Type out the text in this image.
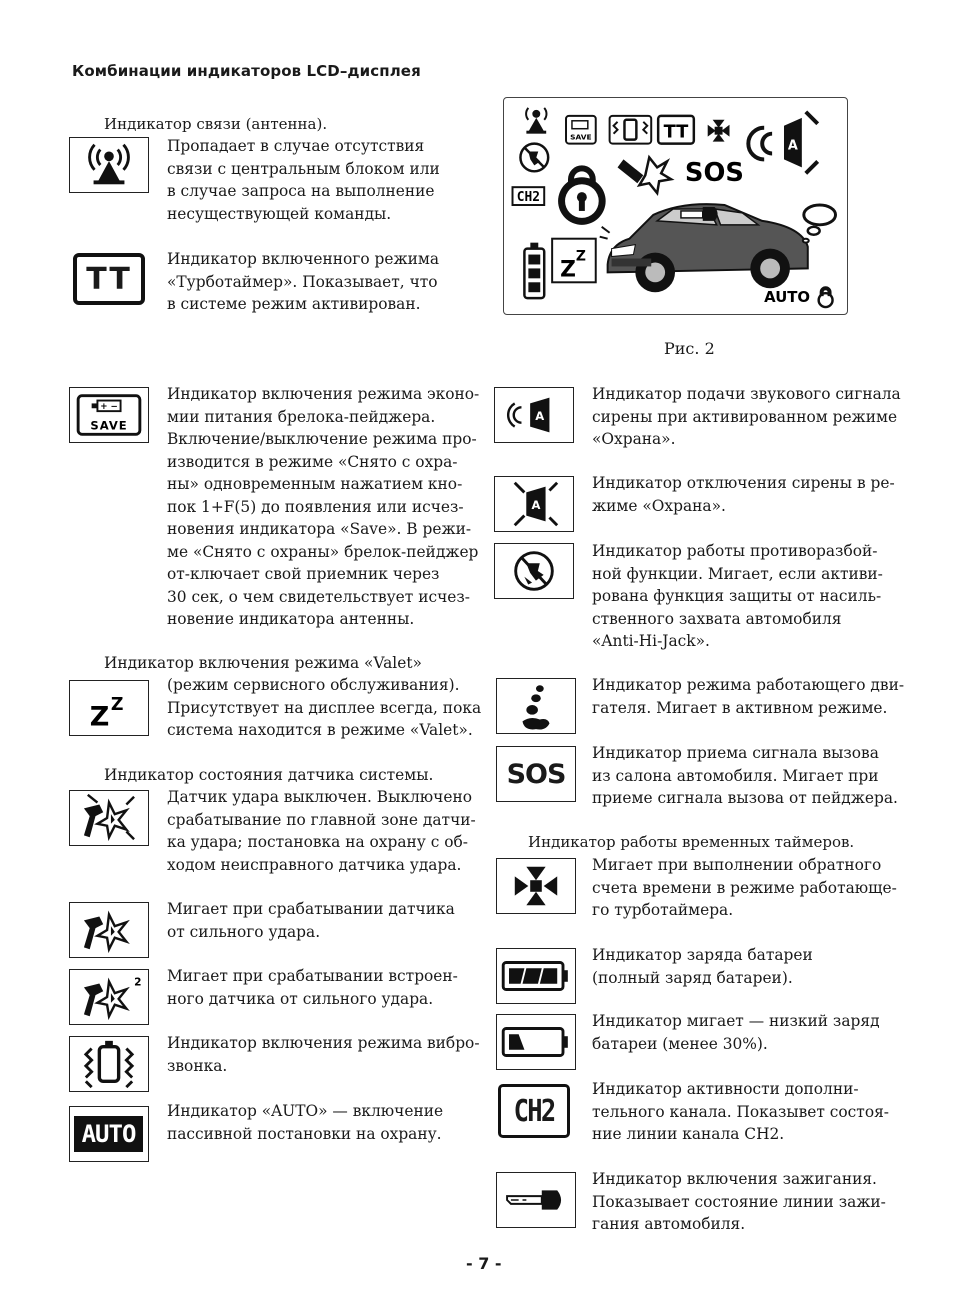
Комбинации индикаторов LCD–дисплея
Индикатор связи (антенна).
Пропадает в случае отсутствия
связи с центральным блоком или
в случае запроса на выполнение
несуществующей команды.
TT
Индикатор включенного режима
«Турботаймер». Показывает, что
в системе режим активирован.
+ −
SAVE
Индикатор включения режима эконо-
мии питания брелока-пейджера.
Включение/выключение режима про-
изводится в режиме «Снято с охра-
ны» одновременным нажатием кно-
пок 1+F(5) до появления или исчез-
новения индикатора «Save». В режи-
ме «Снято с охраны» брелок-пейджер
от-ключает свой приемник через
30 сек, о чем свидетельствует исчез-
новение индикатора антенны.
Индикатор включения режима «Valet»
Z Z
(режим сервисного обслуживания).
Присутствует на дисплее всегда, пока
система находится в режиме «Valet».
Индикатор состояния датчика системы.
Датчик удара выключен. Выключено
срабатывание по главной зоне датчи-
ка удара; постановка на охрану с об-
ходом неисправного датчика удара.
Мигает при срабатывании датчика
от сильного удара.
2 Мигает при срабатывании встроен-
ного датчика от сильного удара.
Индикатор включения режима вибро-
звонка.
AUTO
Индикатор «AUTO» — включение
пассивной постановки на охрану.
SAVE	TT
A
CH2
SOS
Z
Z
AUTO
Рис. 2
A
Индикатор подачи звукового сигнала
сирены при активированном режиме
«Охрана».
A
Индикатор отключения сирены в ре-
жиме «Охрана».
Индикатор работы противоразбой-
ной функции. Мигает, если активи-
рована функция защиты от насиль-
ственного захвата автомобиля
«Anti-Hi-Jack».
Индикатор режима работающего дви-
гателя. Мигает в активном режиме.
SOS
Индикатор приема сигнала вызова
из салона автомобиля. Мигает при
приеме сигнала вызова от пейджера.
Индикатор работы временных таймеров.
Мигает при выполнении обратного
счета времени в режиме работающе-
го турботаймера.
Индикатор заряда батареи
(полный заряд батареи).
Индикатор мигает — низкий заряд
батареи (менее 30%).
CH2
Индикатор активности дополни-
тельного канала. Показывет состоя-
ние линии канала CH2.
Индикатор включения зажигания.
Показывает состояние линии зажи-
гания автомобиля.
- 7 -
